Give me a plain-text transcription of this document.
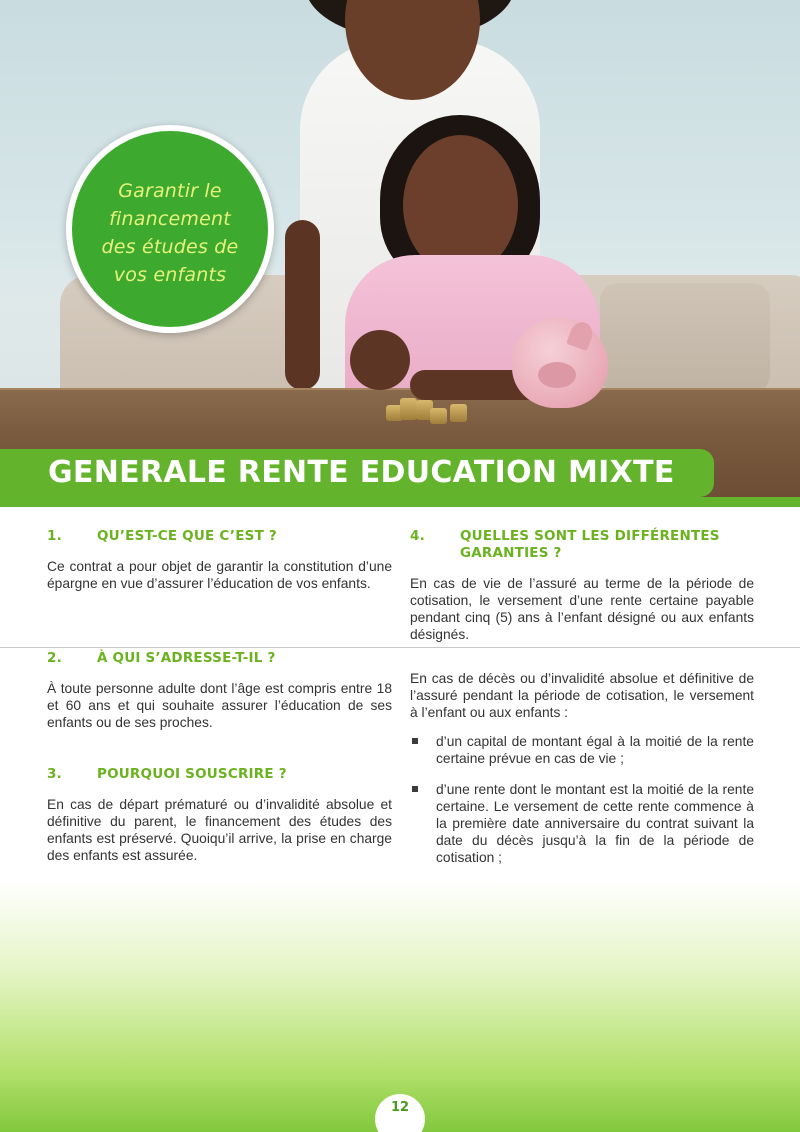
Garantir le
financement
des études de
vos enfants
GENERALE RENTE EDUCATION MIXTE
1.	QU’EST-CE QUE C’EST ?

Ce contrat a pour objet de garantir la constitution d’une épargne en vue d’assurer l’éducation de vos enfants.

2.	À QUI S’ADRESSE-T-IL ?

À toute personne adulte dont l’âge est compris entre 18 et 60 ans et qui souhaite assurer l’éducation de ses enfants ou de ses proches.

3.	POURQUOI SOUSCRIRE ?

En cas de départ prématuré ou d’invalidité absolue et définitive du parent, le financement des études des enfants est préservé. Quoiqu’il arrive, la prise en charge des enfants est assurée.

4.	QUELLES SONT LES DIFFÉRENTES GARANTIES ?

En cas de vie de l’assuré au terme de la période de cotisation, le versement d’une rente certaine payable pendant cinq (5) ans à l’enfant désigné ou aux enfants désignés.

En cas de décès ou d’invalidité absolue et définitive de l’assuré pendant la période de cotisation, le versement à l’enfant ou aux enfants :

d’un capital de montant égal à la moitié de la rente certaine prévue en cas de vie ;
d’une rente dont le montant est la moitié de la rente certaine. Le versement de cette rente commence à la première date anniversaire du contrat suivant la date du décès jusqu’à la fin de la période de cotisation ;
12
